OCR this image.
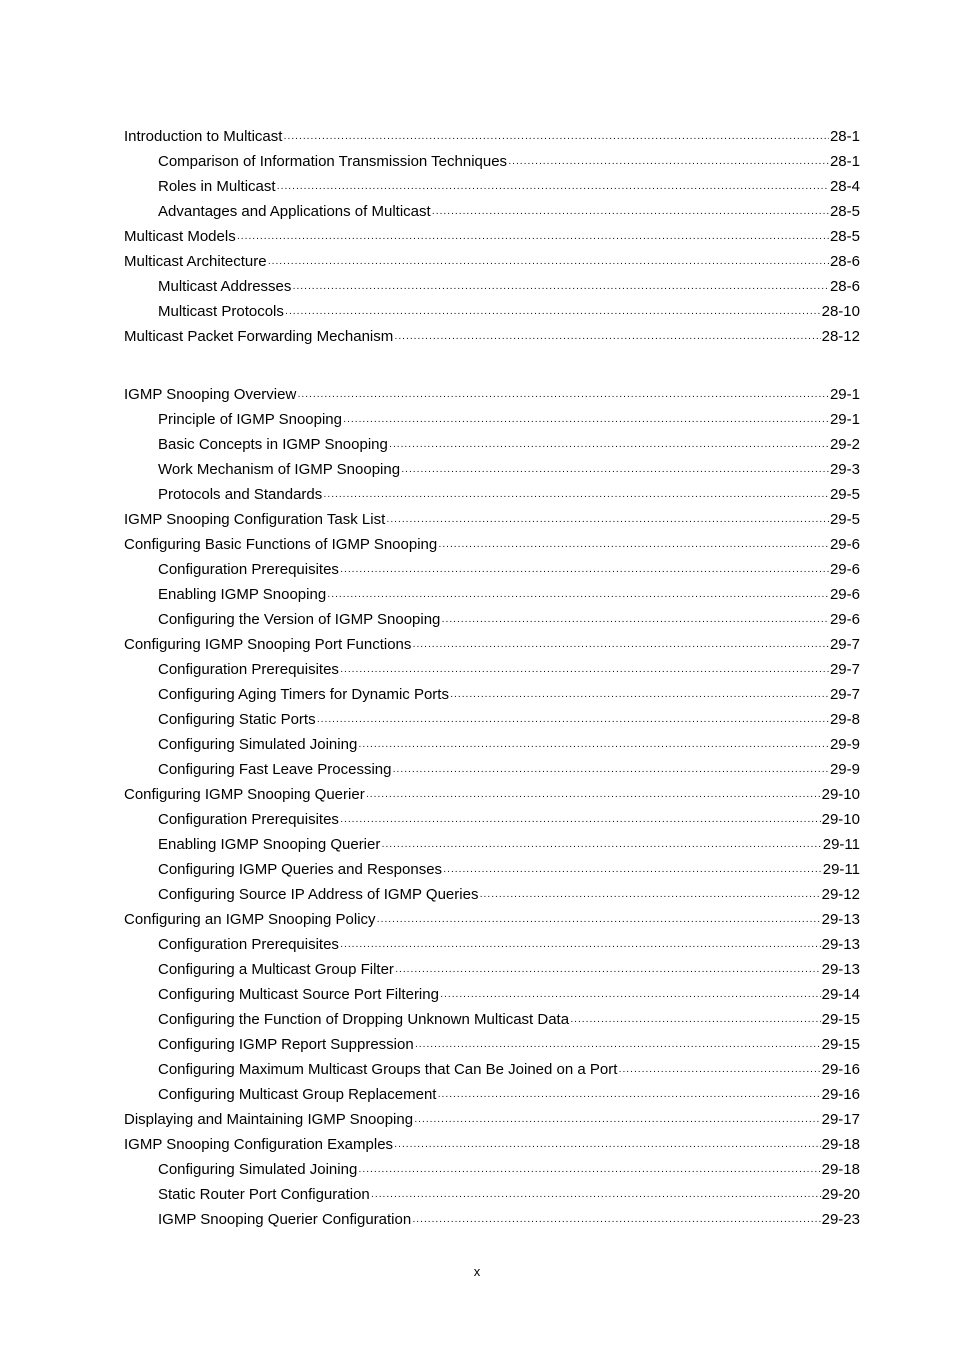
Introduction to Multicast ·····	28-1
Comparison of Information Transmission Techniques ·····	28-1
Roles in Multicast ·····	28-4
Advantages and Applications of Multicast ·····	28-5
Multicast Models ·····	28-5
Multicast Architecture ·····	28-6
Multicast Addresses ·····	28-6
Multicast Protocols ·····	28-10
Multicast Packet Forwarding Mechanism ·····	28-12
IGMP Snooping Overview ·····	29-1
Principle of IGMP Snooping ·····	29-1
Basic Concepts in IGMP Snooping ·····	29-2
Work Mechanism of IGMP Snooping ·····	29-3
Protocols and Standards ·····	29-5
IGMP Snooping Configuration Task List ·····	29-5
Configuring Basic Functions of IGMP Snooping ·····	29-6
Configuration Prerequisites ·····	29-6
Enabling IGMP Snooping ·····	29-6
Configuring the Version of IGMP Snooping ·····	29-6
Configuring IGMP Snooping Port Functions ·····	29-7
Configuration Prerequisites ·····	29-7
Configuring Aging Timers for Dynamic Ports ·····	29-7
Configuring Static Ports ·····	29-8
Configuring Simulated Joining ·····	29-9
Configuring Fast Leave Processing ·····	29-9
Configuring IGMP Snooping Querier ·····	29-10
Configuration Prerequisites ·····	29-10
Enabling IGMP Snooping Querier ·····	29-11
Configuring IGMP Queries and Responses ·····	29-11
Configuring Source IP Address of IGMP Queries ·····	29-12
Configuring an IGMP Snooping Policy ·····	29-13
Configuration Prerequisites ·····	29-13
Configuring a Multicast Group Filter ·····	29-13
Configuring Multicast Source Port Filtering ·····	29-14
Configuring the Function of Dropping Unknown Multicast Data ·····	29-15
Configuring IGMP Report Suppression ·····	29-15
Configuring Maximum Multicast Groups that Can Be Joined on a Port ·····	29-16
Configuring Multicast Group Replacement ·····	29-16
Displaying and Maintaining IGMP Snooping ·····	29-17
IGMP Snooping Configuration Examples ·····	29-18
Configuring Simulated Joining ·····	29-18
Static Router Port Configuration ·····	29-20
IGMP Snooping Querier Configuration ·····	29-23
x
